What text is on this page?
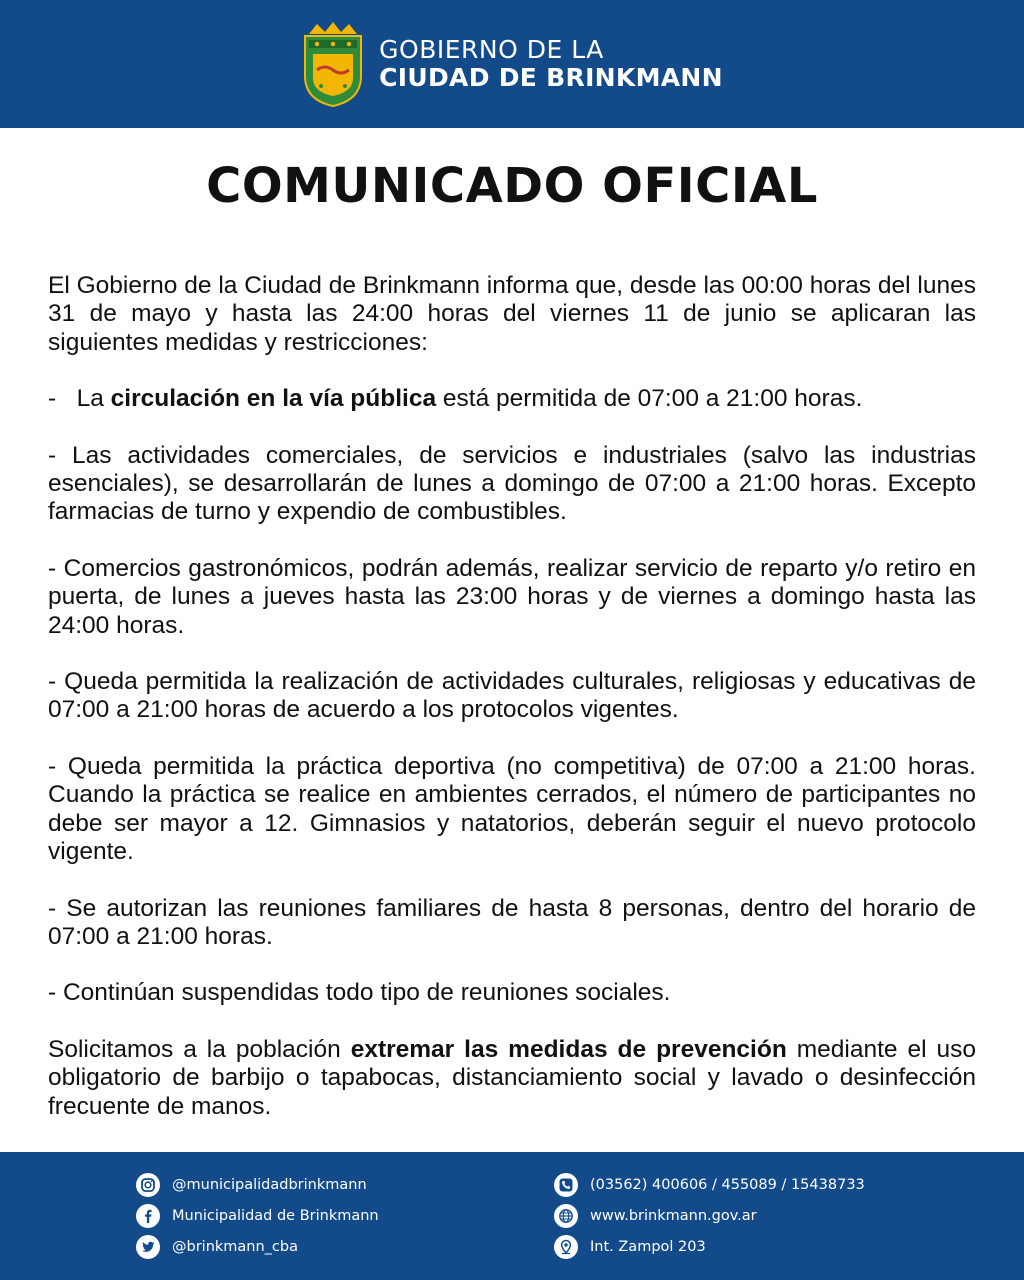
GOBIERNO DE LA
CIUDAD DE BRINKMANN
COMUNICADO OFICIAL

El Gobierno de la Ciudad de Brinkmann informa que, desde las 00:00 horas del lunes 31 de mayo y hasta las 24:00 horas del viernes 11 de junio se aplicaran las siguientes medidas y restricciones:

-   La circulación en la vía pública está permitida de 07:00 a 21:00 horas.

- Las actividades comerciales, de servicios e industriales (salvo las industrias esenciales), se desarrollarán de lunes a domingo de 07:00 a 21:00 horas. Excepto farmacias de turno y expendio de combustibles.

- Comercios gastronómicos, podrán además, realizar servicio de reparto y/o retiro en puerta, de lunes a jueves hasta las 23:00 horas y de viernes a domingo hasta las 24:00 horas.

- Queda permitida la realización de actividades culturales, religiosas y educativas de 07:00 a 21:00 horas de acuerdo a los protocolos vigentes.

- Queda permitida la práctica deportiva (no competitiva) de 07:00 a 21:00 horas. Cuando la práctica se realice en ambientes cerrados, el número de participantes no debe ser mayor a 12. Gimnasios y natatorios, deberán seguir el nuevo protocolo vigente.

- Se autorizan las reuniones familiares de hasta 8 personas, dentro del horario de 07:00 a 21:00 horas.

- Continúan suspendidas todo tipo de reuniones sociales.

Solicitamos a la población extremar las medidas de prevención mediante el uso obligatorio de barbijo o tapabocas, distanciamiento social y lavado o desinfección frecuente de manos.

@municipalidadbrinkmann
Municipalidad de Brinkmann
@brinkmann_cba
(03562) 400606 / 455089 / 15438733
www.brinkmann.gov.ar
Int. Zampol 203
